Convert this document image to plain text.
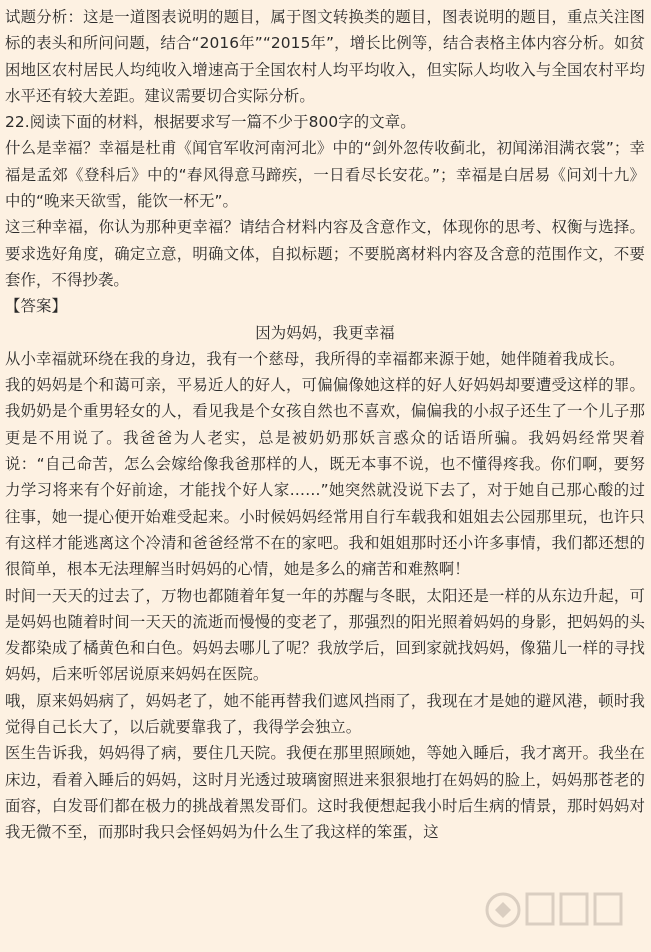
试题分析：这是一道图表说明的题目，属于图文转换类的题目，图表说明的题目，重点关注图标的表头和所问问题，结合“2016年”“2015年”，增长比例等，结合表格主体内容分析。如贫困地区农村居民人均纯收入增速高于全国农村人均平均收入，但实际人均收入与全国农村平均水平还有较大差距。建议需要切合实际分析。

22.阅读下面的材料，根据要求写一篇不少于800字的文章。

什么是幸福？幸福是杜甫《闻官军收河南河北》中的“剑外忽传收蓟北，初闻涕泪满衣裳”；幸福是孟郊《登科后》中的“春风得意马蹄疾，一日看尽长安花。”；幸福是白居易《问刘十九》中的“晚来天欲雪，能饮一杯无”。

这三种幸福，你认为那种更幸福？请结合材料内容及含意作文，体现你的思考、权衡与选择。要求选好角度，确定立意，明确文体，自拟标题；不要脱离材料内容及含意的范围作文，不要套作，不得抄袭。

【答案】

因为妈妈，我更幸福

从小幸福就环绕在我的身边，我有一个慈母，我所得的幸福都来源于她，她伴随着我成长。

我的妈妈是个和蔼可亲，平易近人的好人，可偏偏像她这样的好人好妈妈却要遭受这样的罪。我奶奶是个重男轻女的人，看见我是个女孩自然也不喜欢，偏偏我的小叔子还生了一个儿子那更是不用说了。我爸爸为人老实，总是被奶奶那妖言惑众的话语所骗。我妈妈经常哭着说：“自己命苦，怎么会嫁给像我爸那样的人，既无本事不说，也不懂得疼我。你们啊，要努力学习将来有个好前途，才能找个好人家……”她突然就没说下去了，对于她自己那心酸的过往事，她一提心便开始难受起来。小时候妈妈经常用自行车载我和姐姐去公园那里玩，也许只有这样才能逃离这个冷清和爸爸经常不在的家吧。我和姐姐那时还小许多事情，我们都还想的很简单，根本无法理解当时妈妈的心情，她是多么的痛苦和难熬啊！

时间一天天的过去了，万物也都随着年复一年的苏醒与冬眠，太阳还是一样的从东边升起，可是妈妈也随着时间一天天的流逝而慢慢的变老了，那强烈的阳光照着妈妈的身影，把妈妈的头发都染成了橘黄色和白色。妈妈去哪儿了呢？我放学后，回到家就找妈妈，像猫儿一样的寻找妈妈，后来听邻居说原来妈妈在医院。

哦，原来妈妈病了，妈妈老了，她不能再替我们遮风挡雨了，我现在才是她的避风港，顿时我觉得自己长大了，以后就要靠我了，我得学会独立。

医生告诉我，妈妈得了病，要住几天院。我便在那里照顾她，等她入睡后，我才离开。我坐在床边，看着入睡后的妈妈，这时月光透过玻璃窗照进来狠狠地打在妈妈的脸上，妈妈那苍老的面容，白发哥们都在极力的挑战着黑发哥们。这时我便想起我小时后生病的情景，那时妈妈对我无微不至，而那时我只会怪妈妈为什么生了我这样的笨蛋，这
